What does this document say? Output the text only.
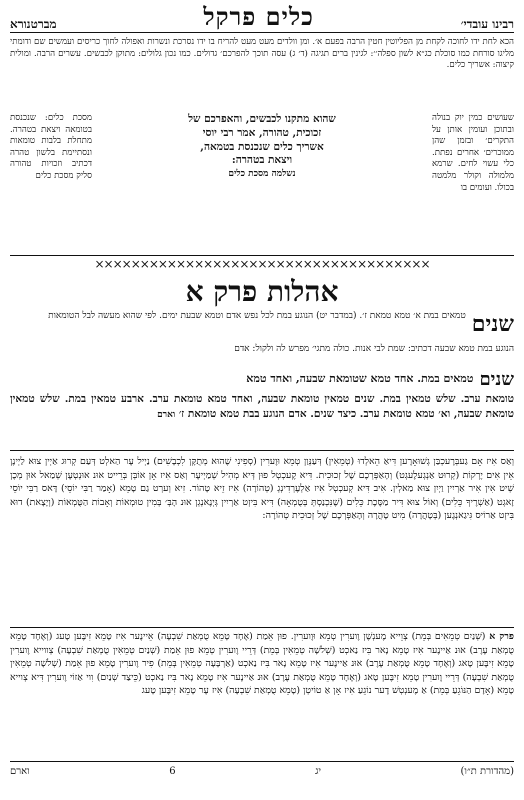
רבינו עובדי׳
כלים פרקל
מברטנורא
הכא לחת ידו לחוכה לקחת מן הפליוטין חטין הרבה בפעם א׳. ומן וולדים מעט מעט להריח בו ידו נסרכת ונשרות ואפולה לחוך כריסים ועמשים שם ודומתי מליגו סורחת כמו סוכלת כג״א לשון ספלה׳׳: לגינין ברים תגיגה (ד׳ ג) עסה תוכך להפרכם׳ גדולים. כמו נכון גלולים: מתוקן לכבשים. עשרים הרבה. ומולית קיצוה: אשריך כלים.
שעושים כמין יוק בנולה ובתוכן ועומין אותן על התקרים׳ ובזמן שהן ממוכרים׳ אחרים נפתת. כלי עשוי לחים. שרמא מלמולה וקולר מלמטה בכולו. ועומים בו
שהוא מתקנו לכבשים, והאפרכם של
זכוכית, טהורה, אמר רבי יוסי
אשריך כלים שנכנסת בטמאה,
ויצאת בטהרה:
נשלמה מסכת כלים
מסכת כלים: שנכנסת בטומאה ויצאת בטהרה. מתחלת בלבות טומאות ונסתיימת בלשון טהרה דכתיב וזכויות טהורה סליק מסכת כלים
×××××××××××××××××××××××××××××××××××××
אהלות פרק א
שנים
טמאים במת א׳ טמא טמאת ז׳. (במדבר יט) הנוגע במת לכל נפש אדם וטמא שבעת ימים. לפי שהוא מעשה לבל הטומאות
הנוגע במת טמא שבעה דכתיב: שמת לבי אנות. כולה מתגי׳ מפרש לה ולקול: אדם
שנים
טמאים במת. אחד טמא שטומאת שבעה, ואחד טמא
טומאת ערב. שלש טמאין במת. שנים טמאין טומאת שבעה, ואחד טמא טומאת ערב. ארבע טמאין במת. שלש טמאין טומאת שבעה, וא׳ טמא טומאת ערב. כיצד שנים. אדם הנוגע בבת טמא טומאת ז׳ וארם
וְאַס אִיז אָם גַעבְּרֶעכְבַּן גְשׁוּאָרֶען דִּיאַ הֵאלְדוּ (טְמֵאִין) דְּעַנְּוַן טְמֵא וּוֶערִין (סְפִינִי שֶׁהוּא מְתֻקָּן לִכְבָשִׁים) נַיְיל עֶר הַאלְט דְּעַם קְרוּג אַיְין צוּא לַיְינֶן אֵין אִים יֶרְקוֹת (קְרוּט אַנְגְעלֶעגְט) וְהָאַפְּרְכֶם שֶׁל זְכוּכִית. דִּיא קֶעכְטְל פוּן דְּיא מְהִיל שְׁמַיְיעֶר וְאַס אִיז אָן אוֹבְּן בְּרֵייט אוּנ אוּנְטְעֶן שְׁמַאל אוּן מְכֶן שְׁיט אִין אִיר אַרְיִין וַיְיִן צוּא מַאלְין. אִיב דִּיא קְעכְטְל אִיז אַלְעֶרְדִינְגְ (טְהוֹרָה) אִיז זֵיא טָהוֹר. זִיא וְערְט גַם טָמֵא (אָמַר רַבִּי יוֹסֵי) דָּאס רַבִּי יוֹסֵי זָאגְט (אַשְׁרֶיךָ כֵּלִים) וְאוֹל צוּא דִּיר מַסֶּכֶת כֵּלִים (שֶׁנִּכְנַסְתְּ בְּטֻמְאָה) דִּיא בִּיזְט אַרְיִין גְּיְנֶאנְגְן אוּנ הָבְּ׳ בְּמִין טוּמְאוֹת וְאָבוֹת הַטֻּמְאוֹת (וְיָצָאת) דוּא בִּיזְט אַרוֹיס גִּיגַאנְגֶען (בְּטָהֳרָה) מִיט טָהֳרָה וְהָאַפְּרְכֶם שֶׁל זְכוּכִית טְהוֹרָה:
פרק א (שְׁנַיִם טְמֵאִים בְּמֵת) צְוֵייא מֶענְשֶׁן וֶוערִין טְמֵא וּוֶוערִין. פוּן אֵמַת (אֶחָד טָמֵא טֻמְאַת שִׁבְעָה) אֵיינֶער אִיז טָמֵא זִיבֶּען טָעג (וְאֶחָד טָמֵא טֻמְאַת עֶרֶב) אוּנ אַיינֶער אִיז טָמֵא נָאר בִּיז נַאכְט (שְׁלֹשָׁה טְמֵאִין בְּמֵת) דְּרֵיי וֶוערִין טְמֵא פוּן אֵמַת (שְׁנַיִם טְמֵאִין טֻמְאַת שִׁבְעָה) צְווייא וֶוערִין טָמֵא זִיבֶּען טָאג (וְאֶחָד טָמֵא טֻמְאַת עֶרֶב) אוּנ אַיינֶער אִיז טָמֵא נָאר בִּיז נַאכְט (אַרְבָּעָה טְמֵאִין בְּמֵת) פִיר וֶוערִין טָמֵא פוּן אֵמַת (שְׁלֹשָׁה טְמֵאִין טֻמְאַת שִׁבְעָה) דְּרֵיי וֶוערִין טָמֵא זִיבֶּען טָאג (וְאֶחָד טָמֵא טֻמְאַת עֶרֶב) אוּנ אַיינֶער אִיז טָמֵא נָאר בִּיז נַאכְט (כֵּיצַד שְׁנַיִם) וִוי אַזוֹי וֶוערִין דִּיא צְוייא טָמֵא (אָדָם הַנּוֹגֵעַ בְּמֵת) אַ מֶענְטְשׁ דֶער נוֹגֵעַ אִיז אָן אַ טוֹיטְן (טָמֵא טֻמְאַת שִׁבְעָה) אִיז עֶר טָמֵא זִיבֶּען טָעג
(מהדורת ת״ו)
יג
6
וארם
